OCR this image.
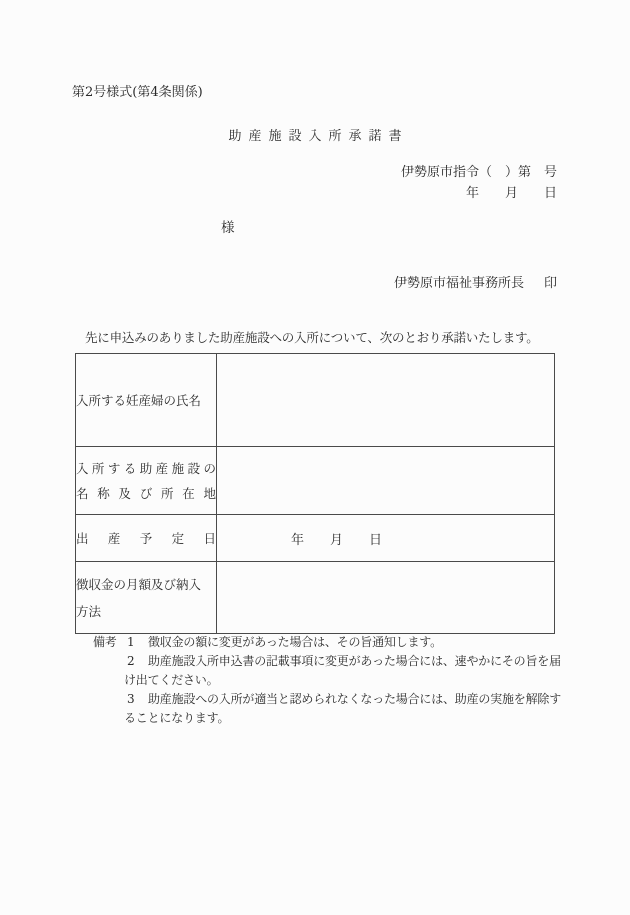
第2号様式(第4条関係)
助産施設入所承諾書
伊勢原市指令（　）第　号
年　　月　　日
様
伊勢原市福祉事務所長 印
先に申込みのありました助産施設への入所について、次のとおり承諾いたします。
入所する妊産婦の氏名	

入所する助産施設の
名称及び所在地	

出産予定日	年　　月　　日

徴収金の月額及び納入
方法	

備考 1	徴収金の額に変更があった場合は、その旨通知します。
2	助産施設入所申込書の記載事項に変更があった場合には、速やかにその旨を届
け出てください。
3	助産施設への入所が適当と認められなくなった場合には、助産の実施を解除す
ることになります。
